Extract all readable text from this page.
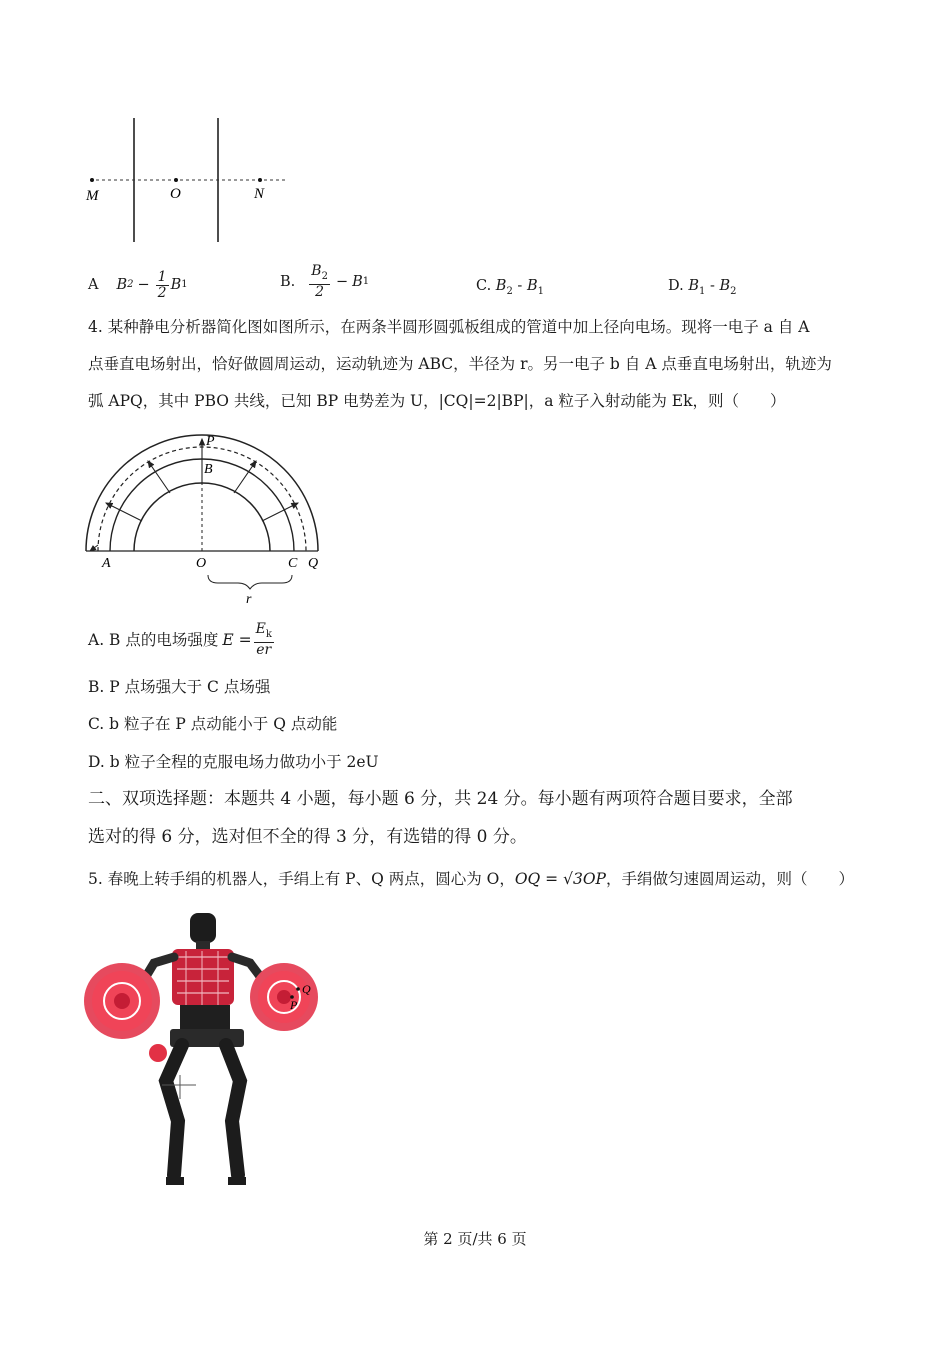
M	O	N
A B $2 - \frac{1}{2}$ B 1	B. $\frac{B_2}{2} - B$ 1	C. $B_2 - B_1$	D. $B_1 - B_2$
4. 某种静电分析器简化图如图所示，在两条半圆形圆弧板组成的管道中加上径向电场。现将一电子 a 自 A
点垂直电场射出，恰好做圆周运动，运动轨迹为 ABC，半径为 r。另一电子 b 自 A 点垂直电场射出，轨迹为
弧 APQ，其中 PBO 共线，已知 BP 电势差为 U，|CQ|=2|BP|，a 粒子入射动能为 Ek，则（　　）
P
B
A	O	C Q
r
A. B 点的电场强度 $E = \frac{E_k}{er}$
B. P 点场强大于 C 点场强
C. b 粒子在 P 点动能小于 Q 点动能
D. b 粒子全程的克服电场力做功小于 2eU
二、双项选择题：本题共 4 小题，每小题 6 分，共 24 分。每小题有两项符合题目要求，全部
选对的得 6 分，选对但不全的得 3 分，有选错的得 0 分。
5. 春晚上转手绢的机器人，手绢上有 P、Q 两点，圆心为 O，OQ = √3OP，手绢做匀速圆周运动，则（　　）
Q
P
第 2 页/共 6 页
